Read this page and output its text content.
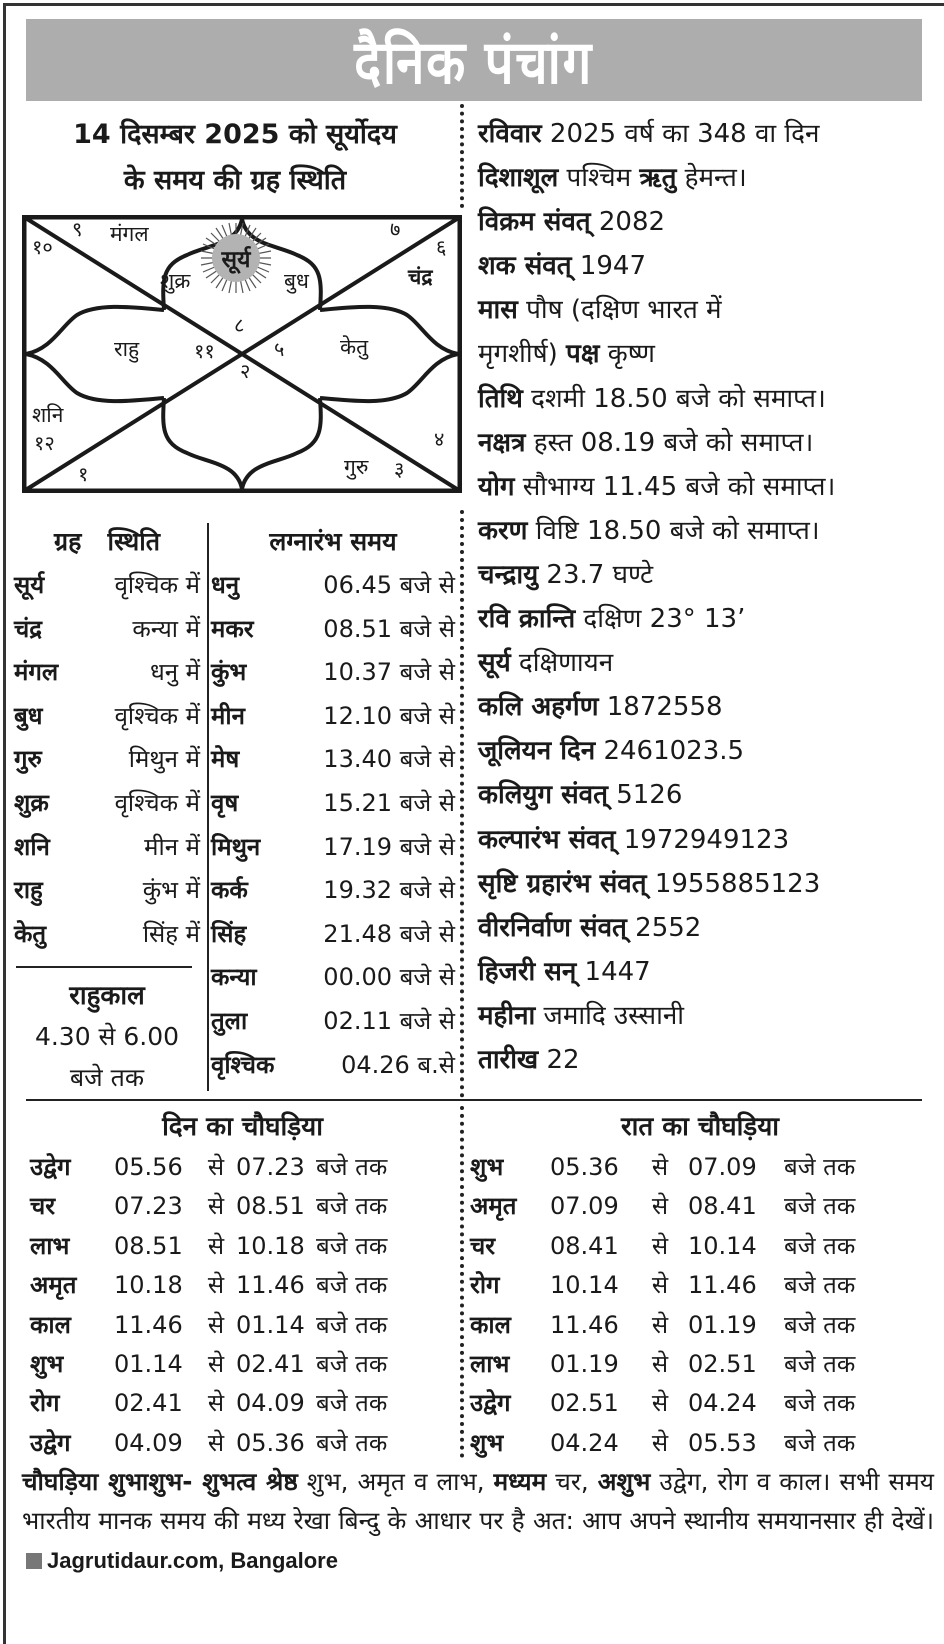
दैनिक पंचांग
14 दिसम्बर 2025 को सूर्योदय
के समय की ग्रह स्थिति
सूर्य
शुक्र	बुध
मंगल
चंद्र
राहु	केतु
शनि
गुरु
८
९
१०
११
१२
१
२
३
४
५
६
७
ग्रह स्थिति
सूर्य	वृश्चिक में
चंद्र	कन्या में
मंगल	धनु में
बुध	वृश्चिक में
गुरु	मिथुन में
शुक्र	वृश्चिक में
शनि	मीन में
राहु	कुंभ में
केतु	सिंह में
राहुकाल
4.30 से 6.00
बजे तक
लग्नारंभ समय
धनु	06.45 बजे से
मकर	08.51 बजे से
कुंभ	10.37 बजे से
मीन	12.10 बजे से
मेष	13.40 बजे से
वृष	15.21 बजे से
मिथुन	17.19 बजे से
कर्क	19.32 बजे से
सिंह	21.48 बजे से
कन्या	00.00 बजे से
तुला	02.11 बजे से
वृश्चिक	04.26 ब.से
रविवार 2025 वर्ष का 348 वा दिन
दिशाशूल पश्चिम ऋतु हेमन्त।
विक्रम संवत् 2082
शक संवत् 1947
मास पौष (दक्षिण भारत में
मृगशीर्ष) पक्ष कृष्ण
तिथि दशमी 18.50 बजे को समाप्त।
नक्षत्र हस्त 08.19 बजे को समाप्त।
योग सौभाग्य 11.45 बजे को समाप्त।
करण विष्टि 18.50 बजे को समाप्त।
चन्द्रायु 23.7 घण्टे
रवि क्रान्ति दक्षिण 23° 13’
सूर्य दक्षिणायन
कलि अहर्गण 1872558
जूलियन दिन 2461023.5
कलियुग संवत् 5126
कल्पारंभ संवत् 1972949123
सृष्टि ग्रहारंभ संवत् 1955885123
वीरनिर्वाण संवत् 2552
हिजरी सन् 1447
महीना जमादि उस्सानी
तारीख 22
दिन का चौघड़िया
उद्वेग	05.56	से 07.23 बजे तक
चर	07.23	से 08.51 बजे तक
लाभ	08.51	से 10.18 बजे तक
अमृत	10.18	से 11.46 बजे तक
काल	11.46	से 01.14 बजे तक
शुभ	01.14	से 02.41 बजे तक
रोग	02.41	से 04.09 बजे तक
उद्वेग	04.09	से 05.36 बजे तक
रात का चौघड़िया
शुभ	05.36	से 07.09	बजे तक
अमृत	07.09	से 08.41	बजे तक
चर	08.41	से 10.14	बजे तक
रोग	10.14	से 11.46	बजे तक
काल	11.46	से 01.19	बजे तक
लाभ	01.19	से 02.51	बजे तक
उद्वेग	02.51	से 04.24	बजे तक
शुभ	04.24	से 05.53	बजे तक
चौघड़िया शुभाशुभ- शुभत्व श्रेष्ठ शुभ, अमृत व लाभ, मध्यम चर, अशुभ उद्वेग, रोग व काल। सभी समय भारतीय मानक समय की मध्य रेखा बिन्दु के आधार पर है अत: आप अपने स्थानीय समयानसार ही देखें।Jagrutidaur.com, Bangalore
